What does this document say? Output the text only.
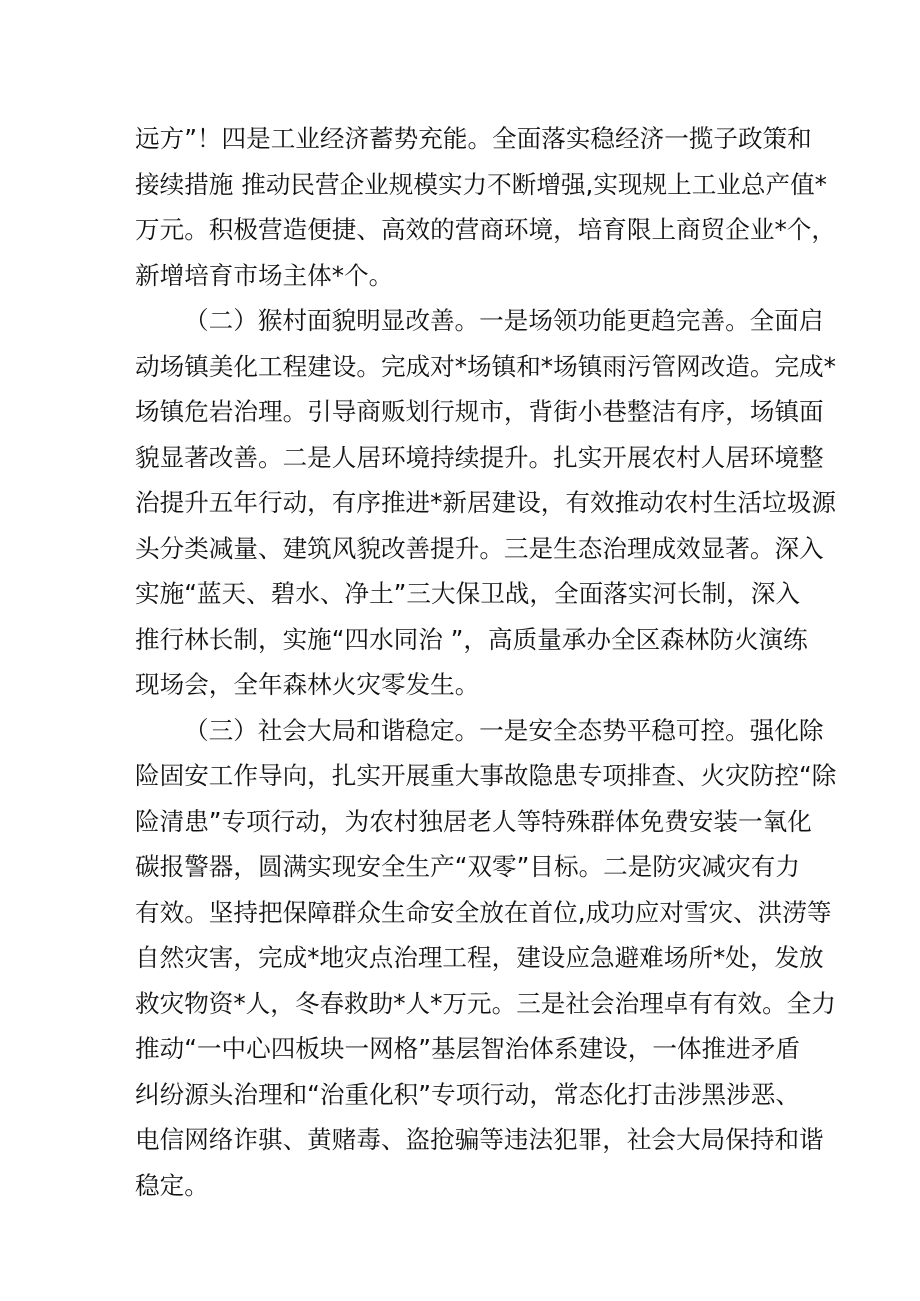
远方”！四是工业经济蓄势充能。全面落实稳经济一揽子政策和
接续措施 推动民营企业规模实力不断增强,实现规上工业总产值*
万元。积极营造便捷、高效的营商环境，培育限上商贸企业*个，
新增培育市场主体*个。

（二）猴村面貌明显改善。一是场领功能更趋完善。全面启
动场镇美化工程建设。完成对*场镇和*场镇雨污管网改造。完成*
场镇危岩治理。引导商贩划行规市，背街小巷整洁有序，场镇面
貌显著改善。二是人居环境持续提升。扎实开展农村人居环境整
治提升五年行动，有序推进*新居建设，有效推动农村生活垃圾源
头分类减量、建筑风貌改善提升。三是生态治理成效显著。深入
实施“蓝天、碧水、净土”三大保卫战，全面落实河长制，深入
推行林长制，实施“四水同治 ”，高质量承办全区森林防火演练
现场会，全年森林火灾零发生。

（三）社会大局和谐稳定。一是安全态势平稳可控。强化除
险固安工作导向，扎实开展重大事故隐患专项排查、火灾防控“除
险清患”专项行动，为农村独居老人等特殊群体免费安装一氧化
碳报警器，圆满实现安全生产“双零”目标。二是防灾减灾有力
有效。坚持把保障群众生命安全放在首位,成功应对雪灾、洪涝等
自然灾害，完成*地灾点治理工程，建设应急避难场所*处，发放
救灾物资*人，冬春救助*人*万元。三是社会治理卓有有效。全力
推动“一中心四板块一网格”基层智治体系建设，一体推进矛盾
纠纷源头治理和“治重化积”专项行动，常态化打击涉黑涉恶、
电信网络诈骐、黄赌毒、盗抢骗等违法犯罪，社会大局保持和谐
稳定。
